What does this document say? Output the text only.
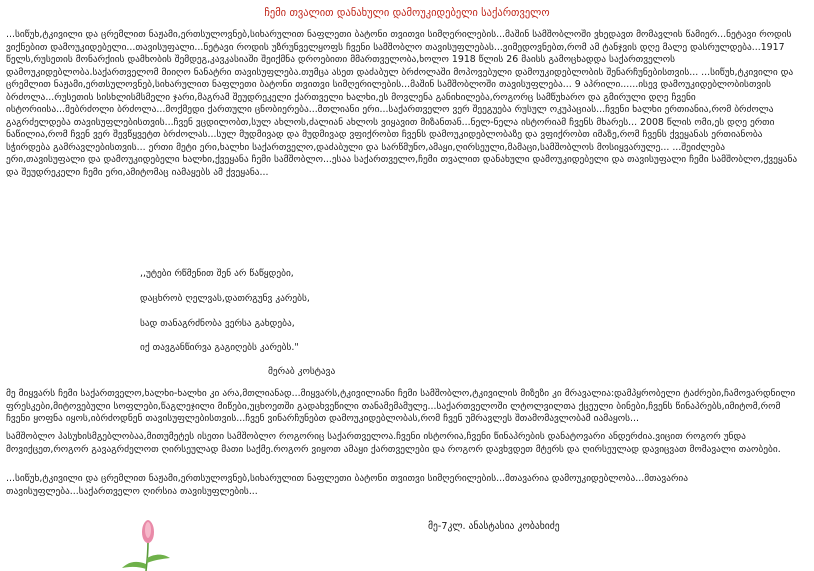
ჩემი თვალით დანახული დამოუკიდებელი საქართველო

...სიწუხ,ტკივილი და ცრემლით ნაჟამი,ერთსულოვნებ,სიხარულით ნაფლეთი ბატონი თვითვი სიმღერილების...მაშინ სამშობლოში ვხედავთ მომავლის წამიერ...ნეტავი როდის ვიქნებით დამოუკიდებელი...თავისუფალი...ნეტავი როდის უზრუნველყოფს ჩვენი სამშობლო თავისუფლებას...ვიმედოვნებთ,რომ ამ ტანჯვის დღე მალე დასრულდება...1917 წელს,რუსეთის მონარქიის დამხობის შემდეგ,კავკასიაში შეიქმნა დროებითი მმართველობა,ხოლო 1918 წლის 26 მაისს გამოცხადდა საქართველოს დამოუკიდებლობა.საქართველომ მიიღო ნანატრი თავისუფლება.თუმცა ასეთ დაძაბულ ბრძოლაში მოპოვებული დამოუკიდებლობის შენარჩუნებისთვის... ...სიწუხ,ტკივილი და ცრემლით ნაჟამი,ერთსულოვნებ,სიხარულით ნაფლეთი ბატონი თვითვი სიმღერილების...მაშინ სამშობლოში თავისუფლება... 9 აპრილი......ისევ დამოუკიდებლობისთვის ბრძოლა...რუსეთის სისხლისმსმელი ჯარი,მაგრამ შეუდრეკელი ქართველი ხალხი,ეს მოვლენა განიხილება,როგორც სამწუხარო და გმირული დღე ჩვენი ისტორიისა...მებრძოლი ბრძოლა...მოქმედი ქართული ცნობიერება...მთლიანი ერი...საქართველო ვერ შეეგუება რუსულ ოკუპაციას...ჩვენი ხალხი ერთიანია,რომ ბრძოლა გაგრძელდება თავისუფლებისთვის...ჩვენ ვცდილობთ,სულ ახლოს,ძალიან ახლოს ვიყავით მიზანთან...ნელ-ნელა ისტორიამ ჩვენს მხარეს... 2008 წლის ომი,ეს დღე ერთი ნაწილია,რომ ჩვენ ვერ შევწყვეტთ ბრძოლას...სულ მუდმივად და მუდმივად ვფიქრობთ ჩვენს დამოუკიდებლობაზე და ვფიქრობთ იმაზე,რომ ჩვენს ქვეყანას ერთიანობა სჭირდება გამრავლებისთვის... ერთი მეტი ერი,ხალხი საქართველო,დაძაბული და სარწმუნო,ამაყი,ღირსეული,მამაცი,სამშობლოს მოსიყვარულე... ...შეიძლება ერი,თავისუფალი და დამოუკიდებელი ხალხი,ქვეყანა ჩემი სამშობლო...ესაა საქართველო,ჩემი თვალით დანახული დამოუკიდებელი და თავისუფალი ჩემი სამშობლო,ქვეყანა და შეუდრეკელი ჩემი ერი,ამიტომაც იამაყებს ამ ქვეყანა...

,,უტები რწმენით შენ არ წაწყდები,
დაცხრობ ღელვას,დათრგუნვ კარებს,
სად თანაგრძნობა ვერსა გახდება,
იქ თავგანწირვა გაგიღებს კარებს."
მერაბ კოსტავა

მე მიყვარს ჩემი საქართველო,ხალხი-ხალხი კი არა,მთლიანად...მიყვარს,ტკივილიანი ჩემი სამშობლო,ტკივილის მიზეზი კი მრავალია:დამპყრობელი ტაძრები,ჩამოვარდნილი ფრესკები,მიტოვებული სოფლები,წაგლეჯილი მიწები,უცხოეთში გადახვეწილი თანამემამულე...საქართველოში ლტოლვილთა ქცეული ბინები,ჩვენს წინაპრებს,იმიტომ,რომ ჩვენი ყოფნა იყოს,იბრძოდნენ თავისუფლებისთვის...ჩვენ ვინარჩუნებთ დამოუკიდებლობას,რომ ჩვენ უმრავლეს შთამომავლობამ იამაყოს...

სამშობლო პასუხისმგებლობაა,მითუმეტეს ისეთი სამშობლო როგორიც საქართველოა.ჩვენი ისტორია,ჩვენი წინაპრების დანატოვარი ანდერძია.ვიცით როგორ უნდა მოვიქცეთ,როგორ გავაგრძელოთ ღირსეულად მათი საქმე.როგორ ვიყოთ ამაყი ქართველები და როგორ დავხვდეთ მტერს და ღირსეულად დავიცვათ მომავალი თაობები.

...სიწუხ,ტკივილი და ცრემლით ნაჟამი,ერთსულოვნებ,სიხარულით ნაფლეთი ბატონი თვითვი სიმღერილების...მთავარია დამოუკიდებლობა...მთავარია თავისუფლება...საქართველო ღირსია თავისუფლების...

მე-7კლ. ანასტასია კობახიძე
